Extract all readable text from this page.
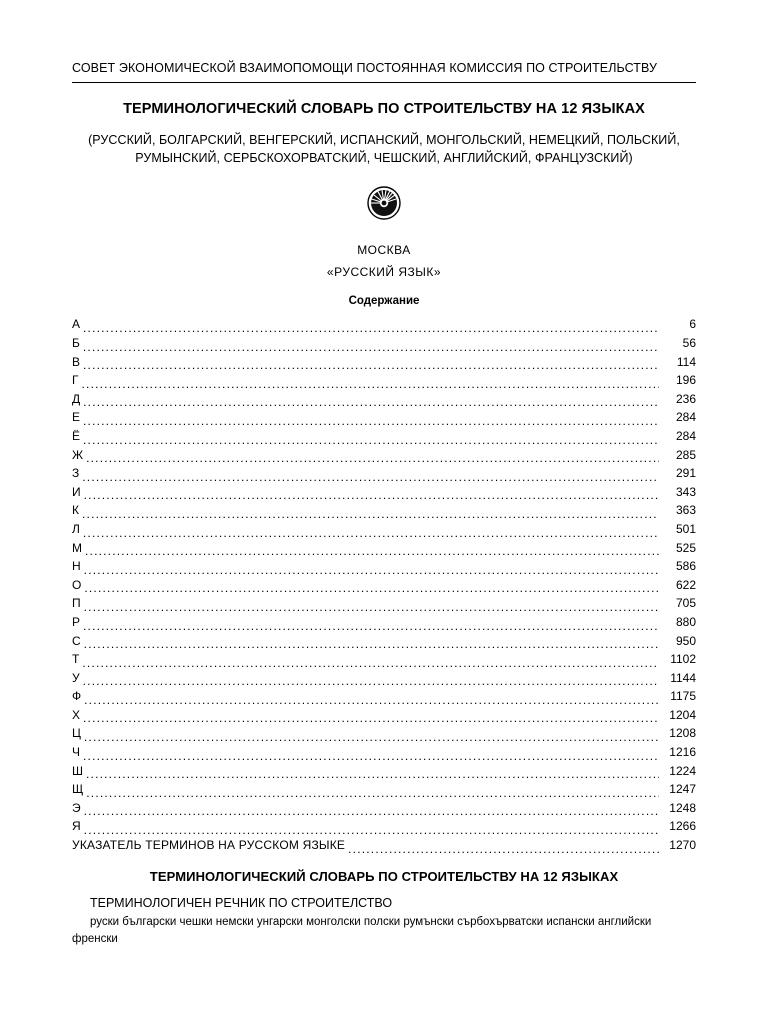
СОВЕТ ЭКОНОМИЧЕСКОЙ ВЗАИМОПОМОЩИ ПОСТОЯННАЯ КОМИССИЯ ПО СТРОИТЕЛЬСТВУ
ТЕРМИНОЛОГИЧЕСКИЙ СЛОВАРЬ ПО СТРОИТЕЛЬСТВУ НА 12 ЯЗЫКАХ
(РУССКИЙ, БОЛГАРСКИЙ, ВЕНГЕРСКИЙ, ИСПАНСКИЙ, МОНГОЛЬСКИЙ, НЕМЕЦКИЙ, ПОЛЬСКИЙ, РУМЫНСКИЙ, СЕРБСКОХОРВАТСКИЙ, ЧЕШСКИЙ, АНГЛИЙСКИЙ, ФРАНЦУЗСКИЙ)
МОСКВА
«РУССКИЙ ЯЗЫК»
Содержание
А .....	6
Б .....	56
В .....	114
Г .....	196
Д .....	236
Е .....	284
Ё .....	284
Ж .....	285
З .....	291
И .....	343
К .....	363
Л .....	501
М .....	525
Н .....	586
О .....	622
П .....	705
Р .....	880
С .....	950
Т .....	1102
У .....	1144
Ф .....	1175
Х .....	1204
Ц .....	1208
Ч .....	1216
Ш .....	1224
Щ .....	1247
Э .....	1248
Я .....	1266
УКАЗАТЕЛЬ ТЕРМИНОВ НА РУССКОМ ЯЗЫКЕ .....	1270
ТЕРМИНОЛОГИЧЕСКИЙ СЛОВАРЬ ПО СТРОИТЕЛЬСТВУ НА 12 ЯЗЫКАХ
ТЕРМИНОЛОГИЧЕН РЕЧНИК ПО СТРОИТЕЛСТВО
руски български чешки немски унгарски монголски полски румънски сърбохърватски испански английски френски
